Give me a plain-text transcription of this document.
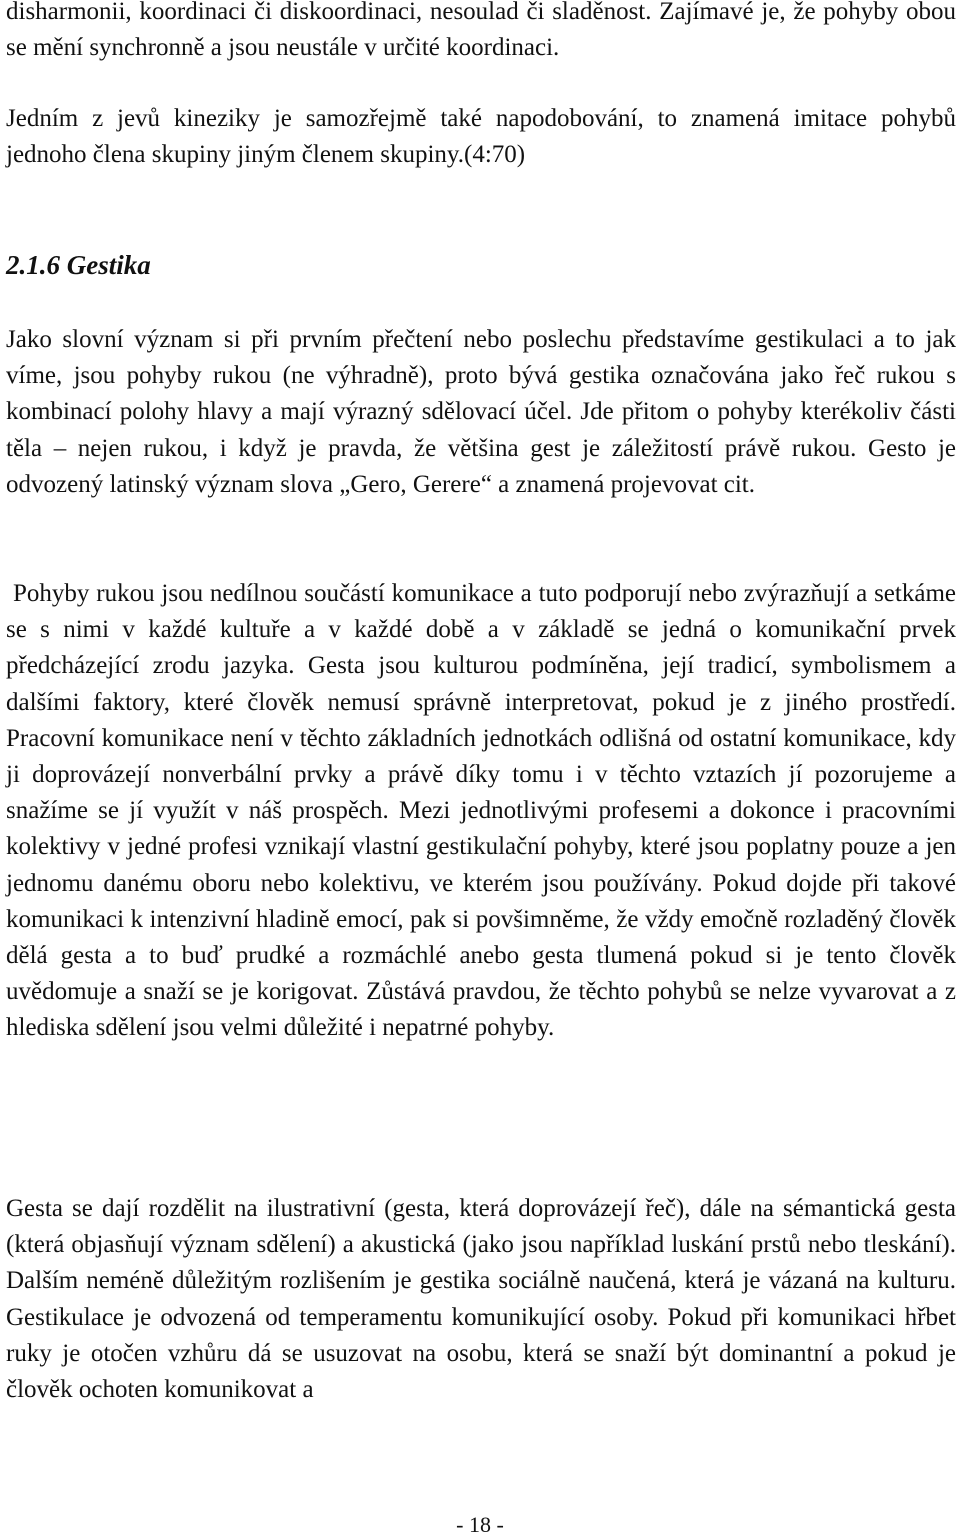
disharmonii, koordinaci či diskoordinaci, nesoulad či sladěnost. Zajímavé je, že pohyby obou se mění synchronně a jsou neustále v určité koordinaci.

Jedním z jevů kineziky je samozřejmě také napodobování, to znamená imitace pohybů jednoho člena skupiny jiným členem skupiny.(4:70)

2.1.6 Gestika

Jako slovní význam si při prvním přečtení nebo poslechu představíme gestikulaci a to jak víme, jsou pohyby rukou (ne výhradně), proto bývá gestika označována jako řeč rukou s kombinací polohy hlavy a mají výrazný sdělovací účel. Jde přitom o pohyby kterékoliv části těla – nejen rukou, i když je pravda, že většina gest je záležitostí právě rukou. Gesto je odvozený latinský význam slova „Gero, Gerere“ a znamená projevovat cit.

Pohyby rukou jsou nedílnou součástí komunikace a tuto podporují nebo zvýrazňují a setkáme se s nimi v každé kultuře a v každé době a v základě se jedná o komunikační prvek předcházející zrodu jazyka. Gesta jsou kulturou podmíněna, její tradicí, symbolismem a dalšími faktory, které člověk nemusí správně interpretovat, pokud je z jiného prostředí. Pracovní komunikace není v těchto základních jednotkách odlišná od ostatní komunikace, kdy ji doprovázejí nonverbální prvky a právě díky tomu i v těchto vztazích jí pozorujeme a snažíme se jí využít v náš prospěch. Mezi jednotlivými profesemi a dokonce i pracovními kolektivy v jedné profesi vznikají vlastní gestikulační pohyby, které jsou poplatny pouze a jen jednomu danému oboru nebo kolektivu, ve kterém jsou používány. Pokud dojde při takové komunikaci k intenzivní hladině emocí, pak si povšimněme, že vždy emočně rozladěný člověk dělá gesta a to buď prudké a rozmáchlé anebo gesta tlumená pokud si je tento člověk uvědomuje a snaží se je korigovat. Zůstává pravdou, že těchto pohybů se nelze vyvarovat a z hlediska sdělení jsou velmi důležité i nepatrné pohyby.

Gesta se dají rozdělit na ilustrativní (gesta, která doprovázejí řeč), dále na sémantická gesta (která objasňují význam sdělení) a akustická (jako jsou například luskání prstů nebo tleskání). Dalším neméně důležitým rozlišením je gestika sociálně naučená, která je vázaná na kulturu. Gestikulace je odvozená od temperamentu komunikující osoby. Pokud při komunikaci hřbet ruky je otočen vzhůru dá se usuzovat na osobu, která se snaží být dominantní a pokud je člověk ochoten komunikovat a

- 18 -
